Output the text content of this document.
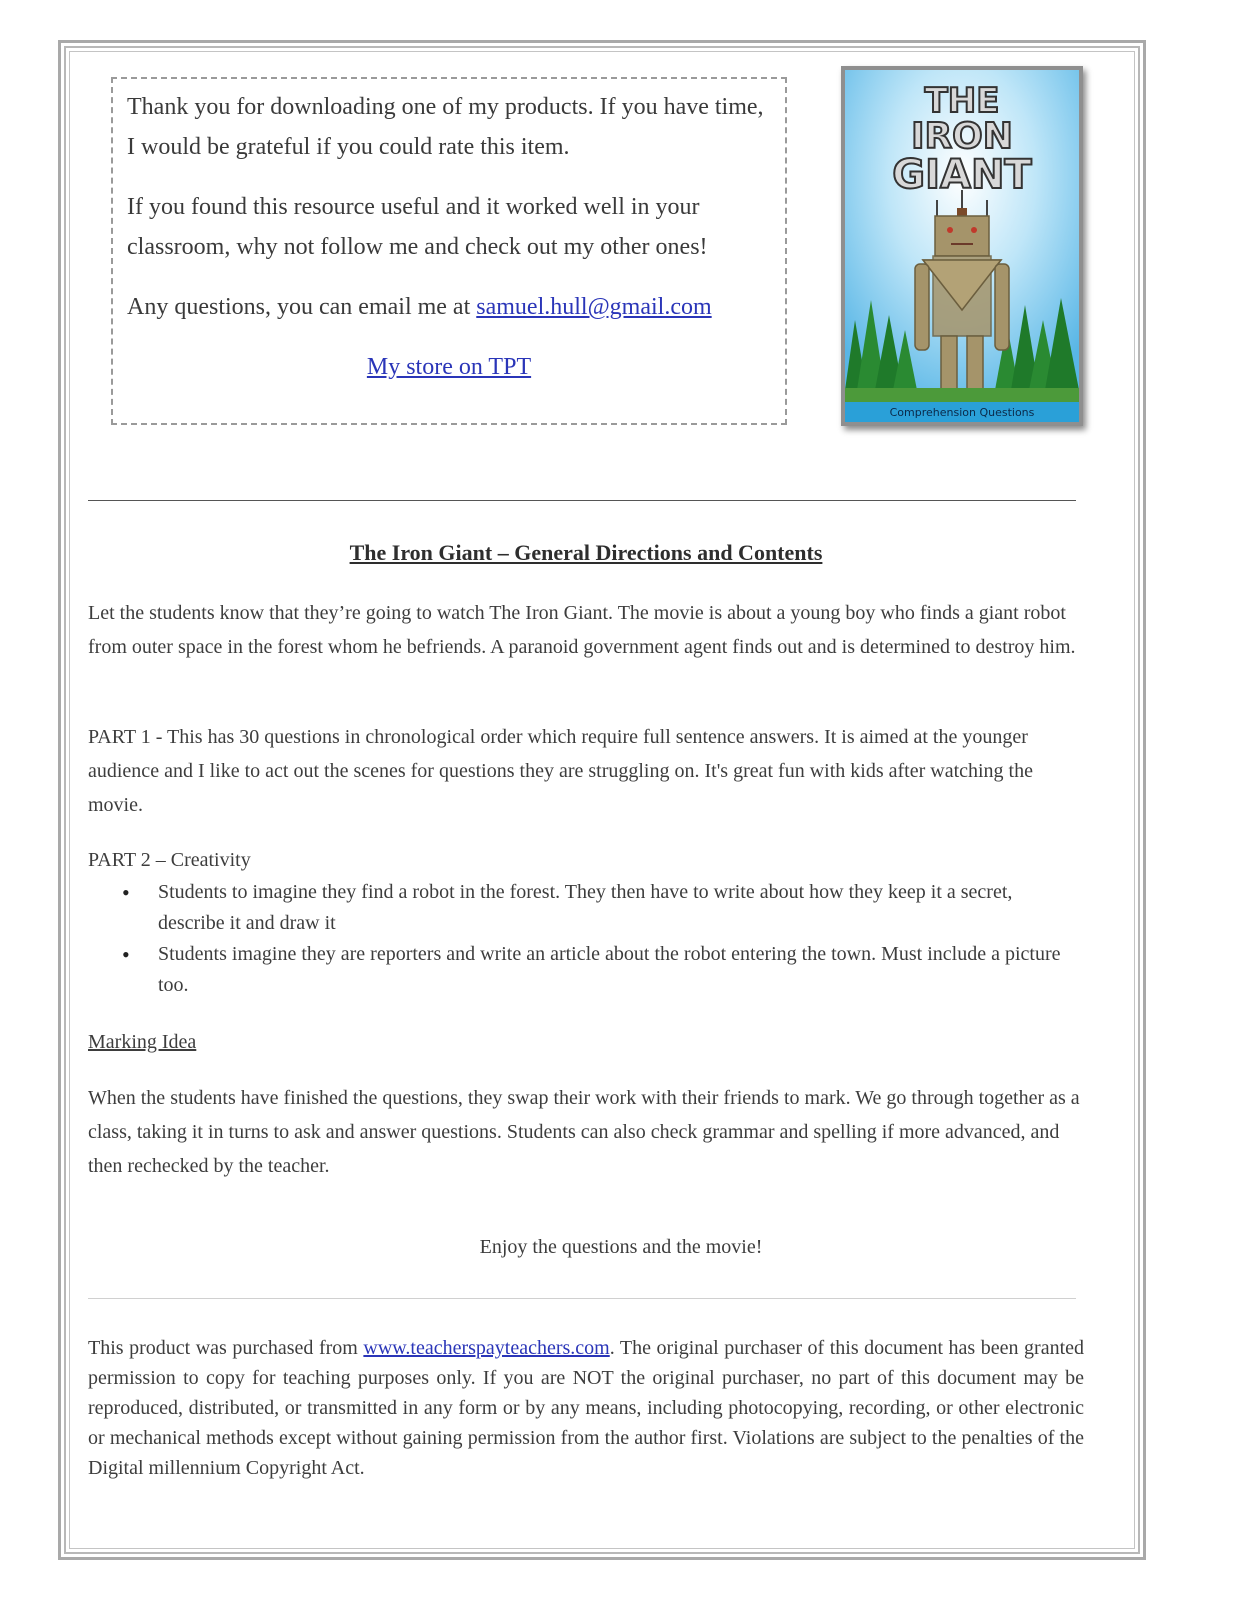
Thank you for downloading one of my products. If you have time, I would be grateful if you could rate this item.

If you found this resource useful and it worked well in your classroom, why not follow me and check out my other ones!

Any questions, you can email me at samuel.hull@gmail.com

My store on TPT

THE
IRON
GIANT
Comprehension Questions
The Iron Giant – General Directions and Contents
Let the students know that they’re going to watch The Iron Giant. The movie is about a young boy who finds a giant robot from outer space in the forest whom he befriends. A paranoid government agent finds out and is determined to destroy him.
PART 1 - This has 30 questions in chronological order which require full sentence answers. It is aimed at the younger audience and I like to act out the scenes for questions they are struggling on. It's great fun with kids after watching the movie.
PART 2 – Creativity
• Students to imagine they find a robot in the forest. They then have to write about how they keep it a secret, describe it and draw it
• Students imagine they are reporters and write an article about the robot entering the town. Must include a picture too.
Marking Idea
When the students have finished the questions, they swap their work with their friends to mark. We go through together as a class, taking it in turns to ask and answer questions. Students can also check grammar and spelling if more advanced, and then rechecked by the teacher.
Enjoy the questions and the movie!
This product was purchased from www.teacherspayteachers.com. The original purchaser of this document has been granted permission to copy for teaching purposes only. If you are NOT the original purchaser, no part of this document may be reproduced, distributed, or transmitted in any form or by any means, including photocopying, recording, or other electronic or mechanical methods except without gaining permission from the author first. Violations are subject to the penalties of the Digital millennium Copyright Act.
